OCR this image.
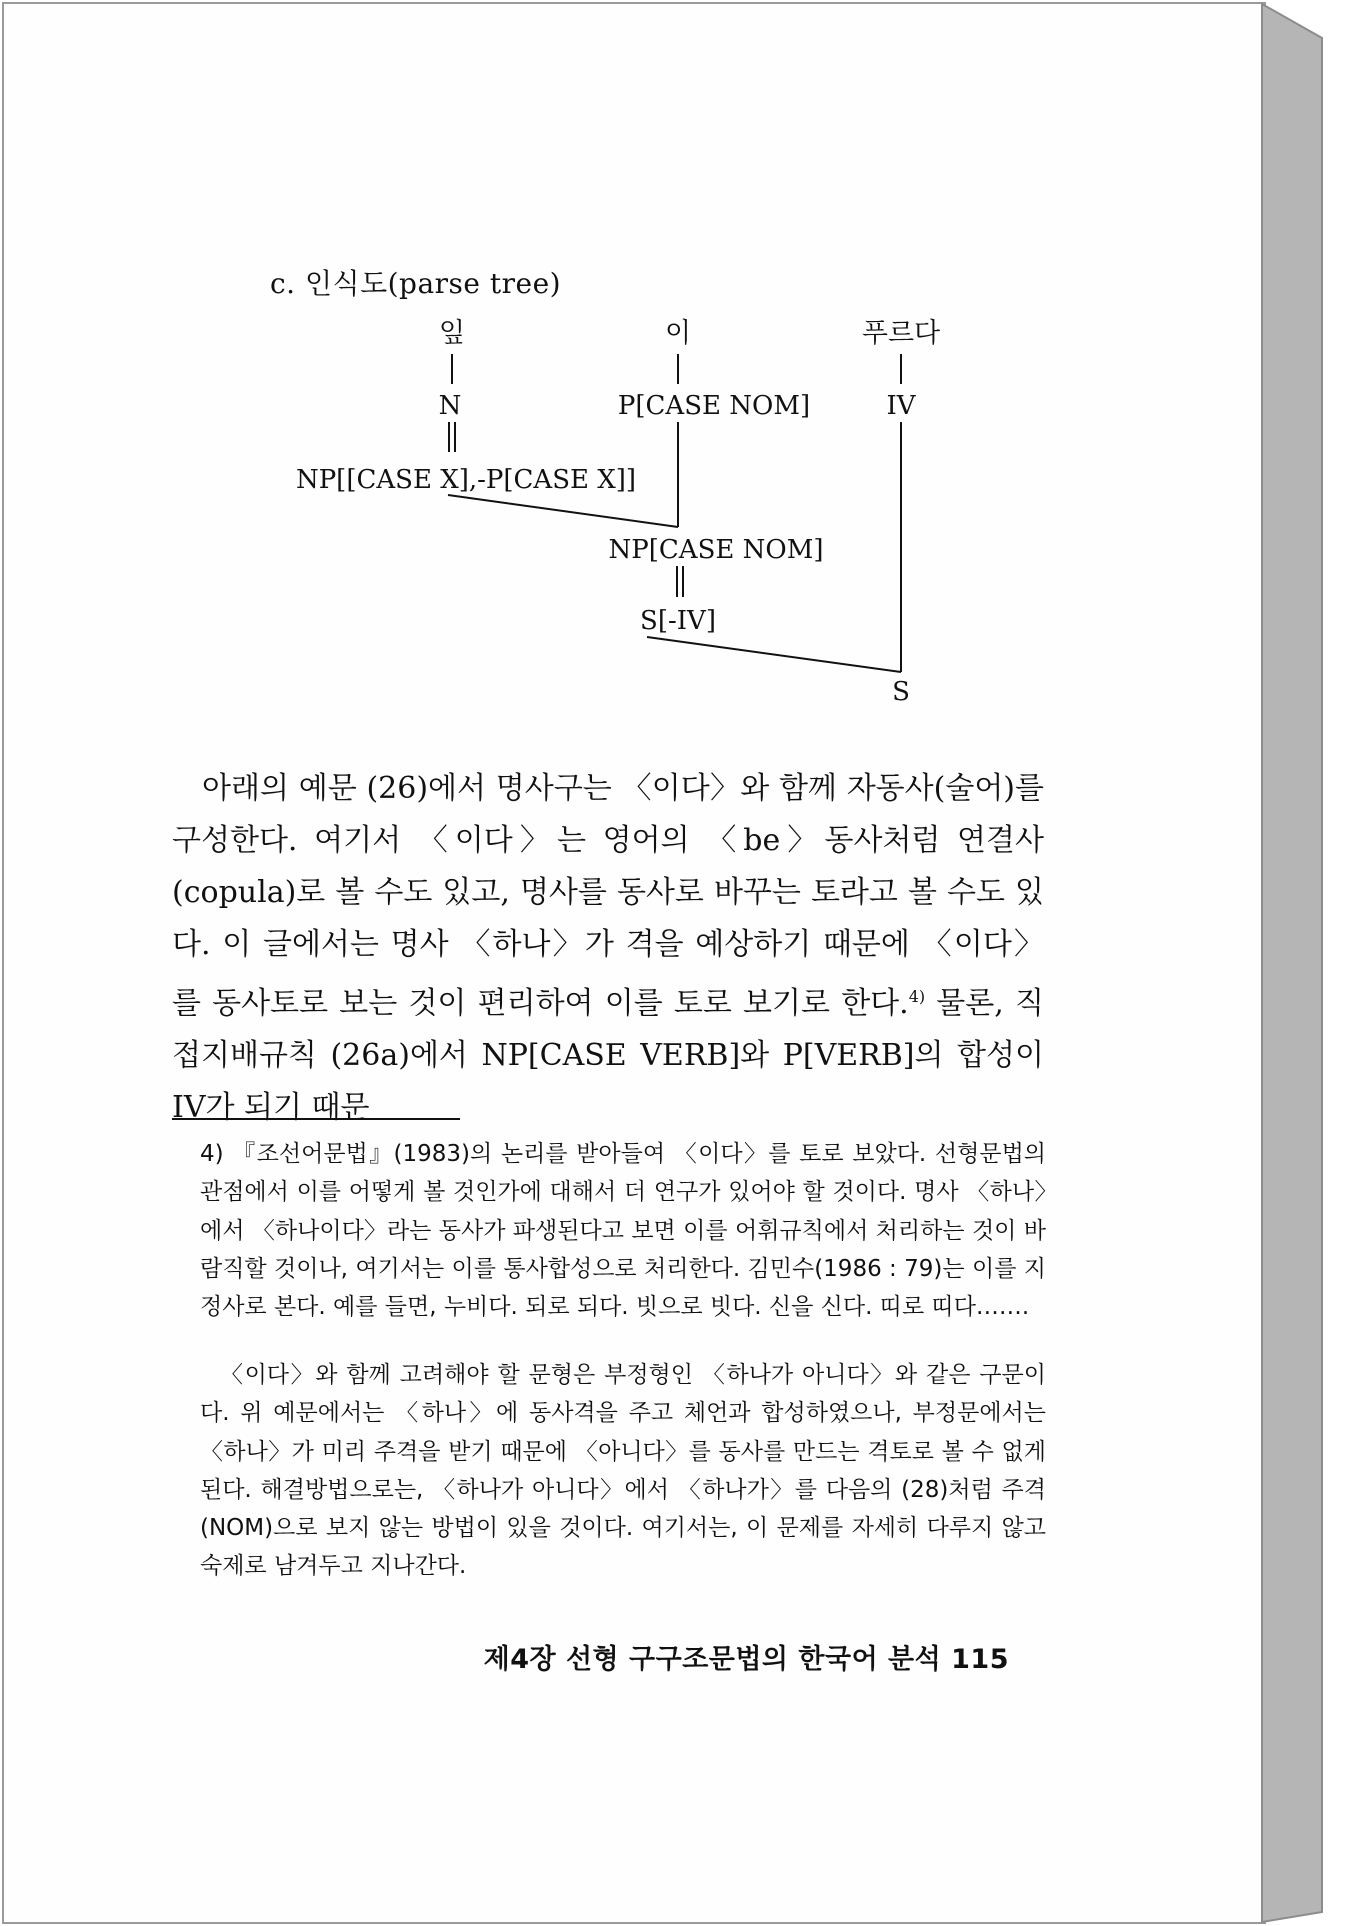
c. 인식도(parse tree)
잎	이	푸르다
N	P[CASE NOM]	IV
NP[[CASE X],-P[CASE X]]
NP[CASE NOM]
S[-IV]
S

아래의 예문 (26)에서 명사구는 〈이다〉와 함께 자동사(술어)를 구성한다. 여기서 〈이다〉는 영어의 〈be〉동사처럼 연결사(copula)로 볼 수도 있고, 명사를 동사로 바꾸는 토라고 볼 수도 있다. 이 글에서는 명사 〈하나〉가 격을 예상하기 때문에 〈이다〉를 동사토로 보는 것이 편리하여 이를 토로 보기로 한다.$^{4)}$ 물론, 직접지배규칙 (26a)에서 NP[CASE VERB]와 P[VERB]의 합성이 IV가 되기 때문

4) 『조선어문법』(1983)의 논리를 받아들여 〈이다〉를 토로 보았다. 선형문법의 관점에서 이를 어떻게 볼 것인가에 대해서 더 연구가 있어야 할 것이다. 명사 〈하나〉에서 〈하나이다〉라는 동사가 파생된다고 보면 이를 어휘규칙에서 처리하는 것이 바람직할 것이나, 여기서는 이를 통사합성으로 처리한다. 김민수(1986 : 79)는 이를 지정사로 본다. 예를 들면, 누비다. 되로 되다. 빗으로 빗다. 신을 신다. 띠로 띠다…….

〈이다〉와 함께 고려해야 할 문형은 부정형인 〈하나가 아니다〉와 같은 구문이다. 위 예문에서는 〈하나〉에 동사격을 주고 체언과 합성하였으나, 부정문에서는 〈하나〉가 미리 주격을 받기 때문에 〈아니다〉를 동사를 만드는 격토로 볼 수 없게 된다. 해결방법으로는, 〈하나가 아니다〉에서 〈하나가〉를 다음의 (28)처럼 주격(NOM)으로 보지 않는 방법이 있을 것이다. 여기서는, 이 문제를 자세히 다루지 않고 숙제로 남겨두고 지나간다.

제4장 선형 구구조문법의 한국어 분석 115
